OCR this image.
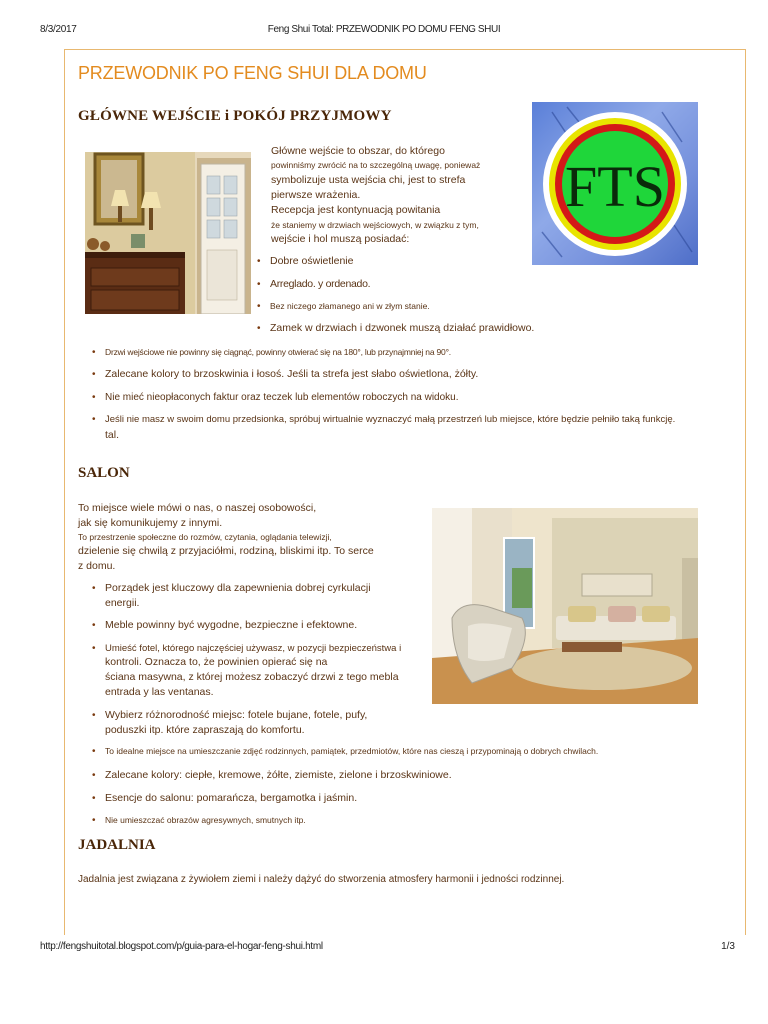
8/3/2017	Feng Shui Total: PRZEWODNIK PO DOMU FENG SHUI
http://fengshuitotal.blogspot.com/p/guia-para-el-hogar-feng-shui.html	1/3
PRZEWODNIK PO FENG SHUI DLA DOMU
GŁÓWNE WEJŚCIE i POKÓJ PRZYJMOWY
FTS
Główne wejście to obszar, do którego
powinniśmy zwrócić na to szczególną uwagę, ponieważ
symbolizuje usta wejścia chi, jest to strefa
pierwsze wrażenia.
Recepcja jest kontynuacją powitania
że staniemy w drzwiach wejściowych, w związku z tym,
wejście i hol muszą posiadać:
• Dobre oświetlenie
• Arreglado. y ordenado.
• Bez niczego złamanego ani w złym stanie.
• Zamek w drzwiach i dzwonek muszą działać prawidłowo.
• Drzwi wejściowe nie powinny się ciągnąć, powinny otwierać się na 180°, lub przynajmniej na 90°.
• Zalecane kolory to brzoskwinia i łosoś. Jeśli ta strefa jest słabo oświetlona, żółty.
• Nie mieć nieopłaconych faktur oraz teczek lub elementów roboczych na widoku.
• Jeśli nie masz w swoim domu przedsionka, spróbuj wirtualnie wyznaczyć małą przestrzeń lub miejsce, które będzie pełniło taką funkcję.
tal.
SALON
To miejsce wiele mówi o nas, o naszej osobowości,
jak się komunikujemy z innymi.
To przestrzenie społeczne do rozmów, czytania, oglądania telewizji,
dzielenie się chwilą z przyjaciółmi, rodziną, bliskimi itp. To serce
z domu.
• Porządek jest kluczowy dla zapewnienia dobrej cyrkulacji
energii.
• Meble powinny być wygodne, bezpieczne i efektowne.
• Umieść fotel, którego najczęściej używasz, w pozycji bezpieczeństwa i
kontroli. Oznacza to, że powinien opierać się na
ściana masywna, z której możesz zobaczyć drzwi z tego mebla
entrada y las ventanas.
• Wybierz różnorodność miejsc: fotele bujane, fotele, pufy,
poduszki itp. które zapraszają do komfortu.
• To idealne miejsce na umieszczanie zdjęć rodzinnych, pamiątek, przedmiotów, które nas cieszą i przypominają o dobrych chwilach.
• Zalecane kolory: ciepłe, kremowe, żółte, ziemiste, zielone i brzoskwiniowe.
• Esencje do salonu: pomarańcza, bergamotka i jaśmin.
• Nie umieszczać obrazów agresywnych, smutnych itp.
JADALNIA
Jadalnia jest związana z żywiołem ziemi i należy dążyć do stworzenia atmosfery harmonii i jedności rodzinnej.
